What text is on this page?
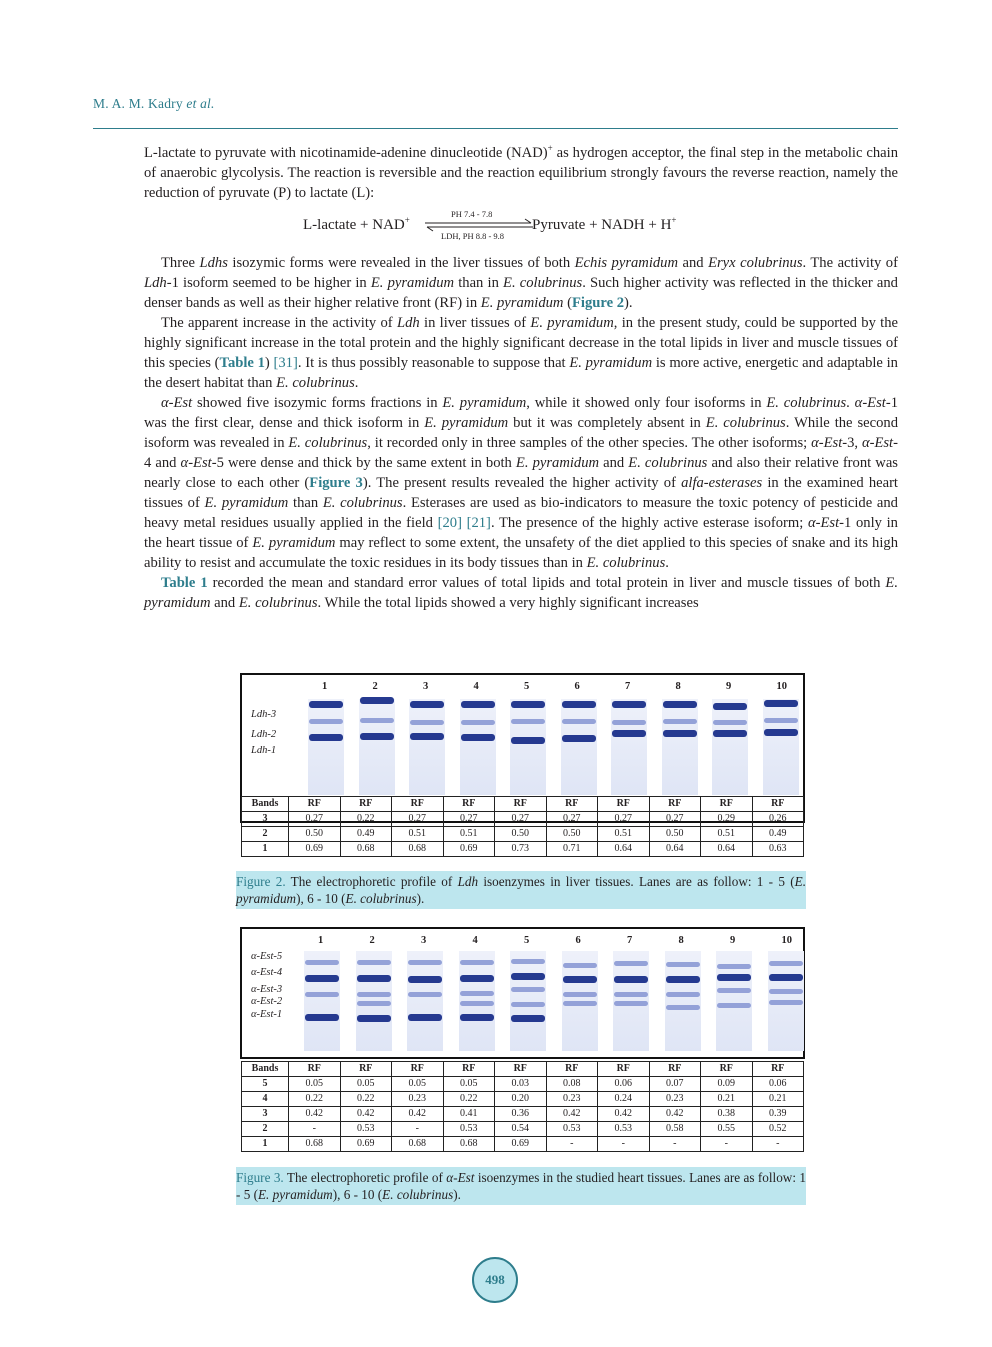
M. A. M. Kadry et al.

L-lactate to pyruvate with nicotinamide-adenine dinucleotide (NAD)+ as hydrogen acceptor, the final step in the metabolic chain of anaerobic glycolysis. The reaction is reversible and the reaction equilibrium strongly favours the reverse reaction, namely the reduction of pyruvate (P) to lactate (L):

L-lactate + NAD+
PH 7.4 - 7.8
LDH, PH 8.8 - 9.8
Pyruvate + NADH + H+

Three Ldhs isozymic forms were revealed in the liver tissues of both Echis pyramidum and Eryx colubrinus. The activity of Ldh-1 isoform seemed to be higher in E. pyramidum than in E. colubrinus. Such higher activity was reflected in the thicker and denser bands as well as their higher relative front (RF) in E. pyramidum (Figure 2).

The apparent increase in the activity of Ldh in liver tissues of E. pyramidum, in the present study, could be supported by the highly significant increase in the total protein and the highly significant decrease in the total lipids in liver and muscle tissues of this species (Table 1) [31]. It is thus possibly reasonable to suppose that E. pyramidum is more active, energetic and adaptable in the desert habitat than E. colubrinus.

α-Est showed five isozymic forms fractions in E. pyramidum, while it showed only four isoforms in E. colubrinus. α-Est-1 was the first clear, dense and thick isoform in E. pyramidum but it was completely absent in E. colubrinus. While the second isoform was revealed in E. colubrinus, it recorded only in three samples of the other species. The other isoforms; α-Est-3, α-Est-4 and α-Est-5 were dense and thick by the same extent in both E. pyramidum and E. colubrinus and also their relative front was nearly close to each other (Figure 3). The present results revealed the higher activity of alfa-esterases in the examined heart tissues of E. pyramidum than E. colubrinus. Esterases are used as bio-indicators to measure the toxic potency of pesticide and heavy metal residues usually applied in the field [20] [21]. The presence of the highly active esterase isoform; α-Est-1 only in the heart tissue of E. pyramidum may reflect to some extent, the unsafety of the diet applied to this species of snake and its high ability to resist and accumulate the toxic residues in its body tissues than in E. colubrinus.

Table 1 recorded the mean and standard error values of total lipids and total protein in liver and muscle tissues of both E. pyramidum and E. colubrinus. While the total lipids showed a very highly significant increases

1	2	3	4	5	6	7	8	9	10
Ldh-3
Ldh-2
Ldh-1
Bands	RF	RF	RF	RF	RF	RF	RF	RF	RF	RF
3	0.27	0.22	0.27	0.27	0.27	0.27	0.27	0.27	0.29	0.26
2	0.50	0.49	0.51	0.51	0.50	0.50	0.51	0.50	0.51	0.49
1	0.69	0.68	0.68	0.69	0.73	0.71	0.64	0.64	0.64	0.63
Figure 2. The electrophoretic profile of Ldh isoenzymes in liver tissues. Lanes are as follow: 1 - 5 (E. pyramidum), 6 - 10 (E. colubrinus).
1	2	3	4	5	6	7	8	9	10
α-Est-5
α-Est-4
α-Est-3
α-Est-2
α-Est-1
Bands	RF	RF	RF	RF	RF	RF	RF	RF	RF	RF
5	0.05	0.05	0.05	0.05	0.03	0.08	0.06	0.07	0.09	0.06
4	0.22	0.22	0.23	0.22	0.20	0.23	0.24	0.23	0.21	0.21
3	0.42	0.42	0.42	0.41	0.36	0.42	0.42	0.42	0.38	0.39
2	-	0.53	-	0.53	0.54	0.53	0.53	0.58	0.55	0.52
1	0.68	0.69	0.68	0.68	0.69	-	-	-	-	-
Figure 3. The electrophoretic profile of α-Est isoenzymes in the studied heart tissues. Lanes are as follow: 1 - 5 (E. pyramidum), 6 - 10 (E. colubrinus).
498
